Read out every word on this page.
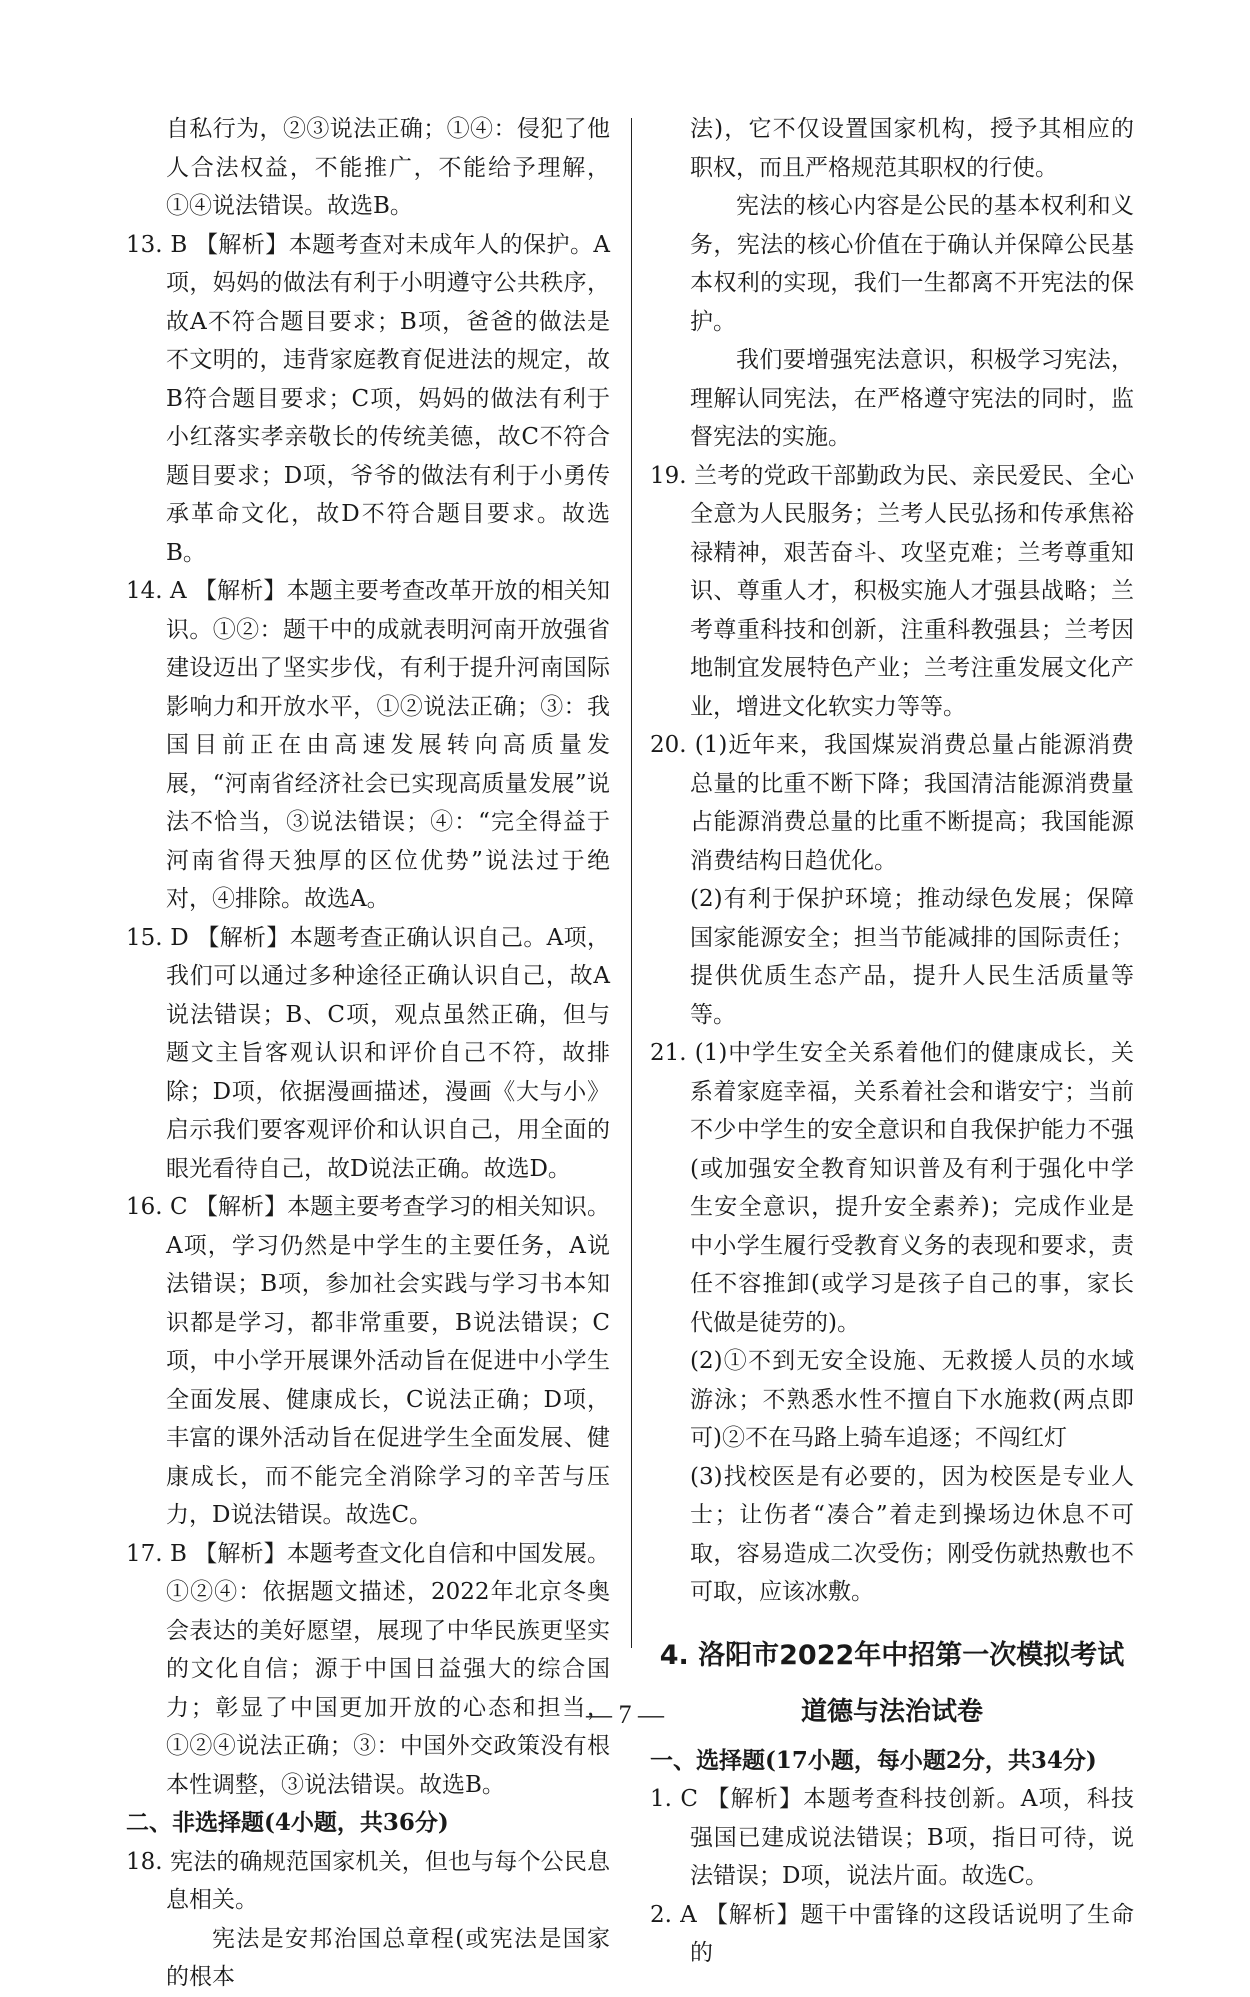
自私行为，②③说法正确；①④：侵犯了他人合法权益，不能推广，不能给予理解，①④说法错误。故选B。

13. B 【解析】本题考查对未成年人的保护。A项，妈妈的做法有利于小明遵守公共秩序，故A不符合题目要求；B项，爸爸的做法是不文明的，违背家庭教育促进法的规定，故B符合题目要求；C项，妈妈的做法有利于小红落实孝亲敬长的传统美德，故C不符合题目要求；D项，爷爷的做法有利于小勇传承革命文化，故D不符合题目要求。故选B。

14. A 【解析】本题主要考查改革开放的相关知识。①②：题干中的成就表明河南开放强省建设迈出了坚实步伐，有利于提升河南国际影响力和开放水平，①②说法正确；③：我国目前正在由高速发展转向高质量发展，“河南省经济社会已实现高质量发展”说法不恰当，③说法错误；④：“完全得益于河南省得天独厚的区位优势”说法过于绝对，④排除。故选A。

15. D 【解析】本题考查正确认识自己。A项，我们可以通过多种途径正确认识自己，故A说法错误；B、C项，观点虽然正确，但与题文主旨客观认识和评价自己不符，故排除；D项，依据漫画描述，漫画《大与小》启示我们要客观评价和认识自己，用全面的眼光看待自己，故D说法正确。故选D。

16. C 【解析】本题主要考查学习的相关知识。A项，学习仍然是中学生的主要任务，A说法错误；B项，参加社会实践与学习书本知识都是学习，都非常重要，B说法错误；C项，中小学开展课外活动旨在促进中小学生全面发展、健康成长，C说法正确；D项，丰富的课外活动旨在促进学生全面发展、健康成长，而不能完全消除学习的辛苦与压力，D说法错误。故选C。

17. B 【解析】本题考查文化自信和中国发展。①②④：依据题文描述，2022年北京冬奥会表达的美好愿望，展现了中华民族更坚实的文化自信；源于中国日益强大的综合国力；彰显了中国更加开放的心态和担当，①②④说法正确；③：中国外交政策没有根本性调整，③说法错误。故选B。

二、非选择题(4小题，共36分)

18. 宪法的确规范国家机关，但也与每个公民息息相关。

宪法是安邦治国总章程(或宪法是国家的根本

法)，它不仅设置国家机构，授予其相应的职权，而且严格规范其职权的行使。

宪法的核心内容是公民的基本权利和义务，宪法的核心价值在于确认并保障公民基本权利的实现，我们一生都离不开宪法的保护。

我们要增强宪法意识，积极学习宪法，理解认同宪法，在严格遵守宪法的同时，监督宪法的实施。

19. 兰考的党政干部勤政为民、亲民爱民、全心全意为人民服务；兰考人民弘扬和传承焦裕禄精神，艰苦奋斗、攻坚克难；兰考尊重知识、尊重人才，积极实施人才强县战略；兰考尊重科技和创新，注重科教强县；兰考因地制宜发展特色产业；兰考注重发展文化产业，增进文化软实力等等。

20. (1)近年来，我国煤炭消费总量占能源消费总量的比重不断下降；我国清洁能源消费量占能源消费总量的比重不断提高；我国能源消费结构日趋优化。

(2)有利于保护环境；推动绿色发展；保障国家能源安全；担当节能减排的国际责任；提供优质生态产品，提升人民生活质量等等。

21. (1)中学生安全关系着他们的健康成长，关系着家庭幸福，关系着社会和谐安宁；当前不少中学生的安全意识和自我保护能力不强(或加强安全教育知识普及有利于强化中学生安全意识，提升安全素养)；完成作业是中小学生履行受教育义务的表现和要求，责任不容推卸(或学习是孩子自己的事，家长代做是徒劳的)。

(2)①不到无安全设施、无救援人员的水域游泳；不熟悉水性不擅自下水施救(两点即可)②不在马路上骑车追逐；不闯红灯

(3)找校医是有必要的，因为校医是专业人士；让伤者“凑合”着走到操场边休息不可取，容易造成二次受伤；刚受伤就热敷也不可取，应该冰敷。

4. 洛阳市2022年中招第一次模拟考试
道德与法治试卷

一、选择题(17小题，每小题2分，共34分)

1. C 【解析】本题考查科技创新。A项，科技强国已建成说法错误；B项，指日可待，说法错误；D项，说法片面。故选C。

2. A 【解析】题干中雷锋的这段话说明了生命的

— 7 —
